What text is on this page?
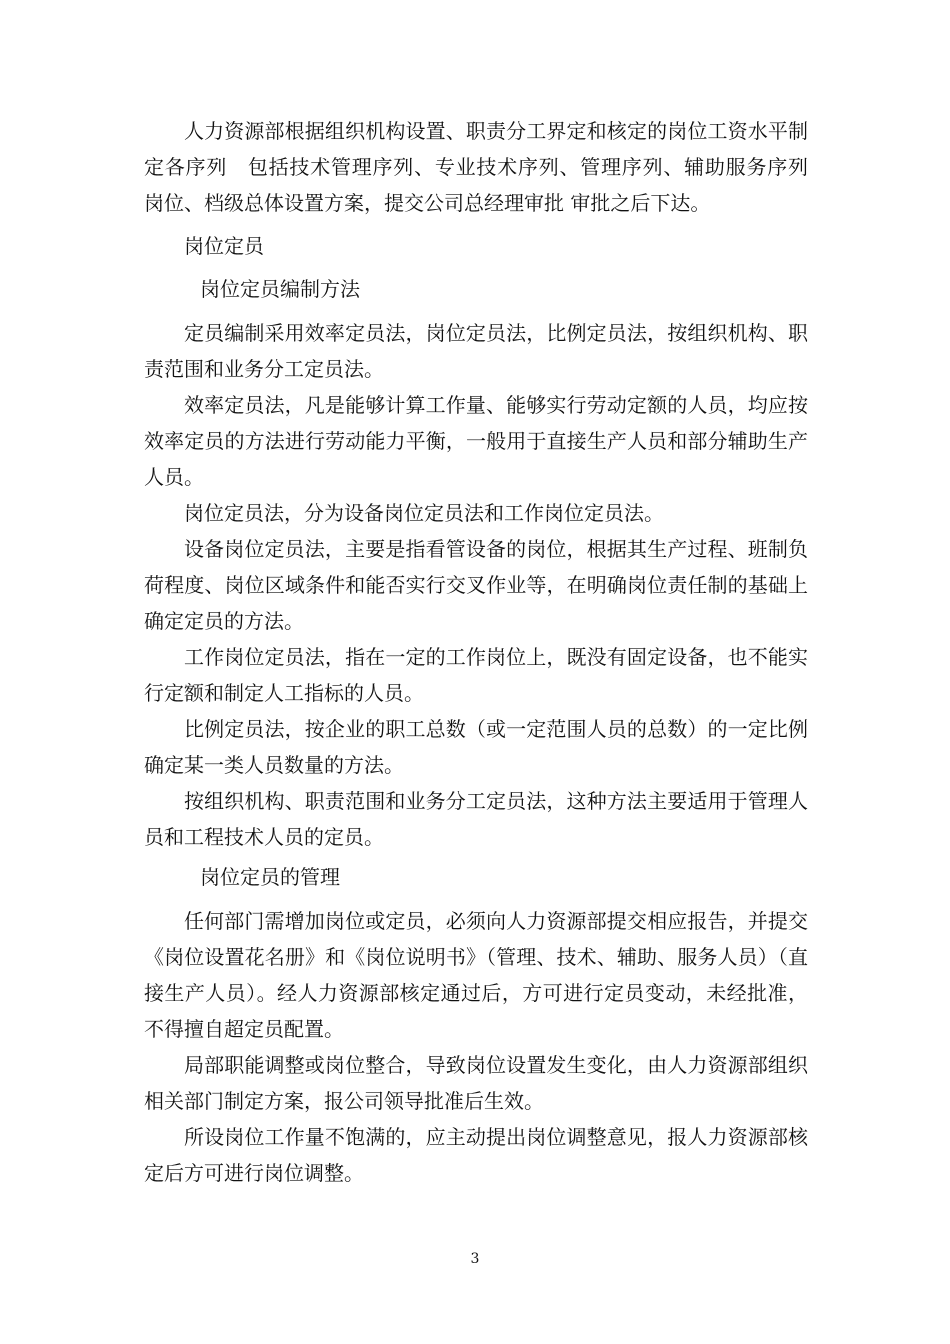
人力资源部根据组织机构设置、职责分工界定和核定的岗位工资水平制定各序列　包括技术管理序列、专业技术序列、管理序列、辅助服务序列 岗位、档级总体设置方案，提交公司总经理审批 审批之后下达。

岗位定员

岗位定员编制方法

定员编制采用效率定员法，岗位定员法，比例定员法，按组织机构、职责范围和业务分工定员法。

效率定员法，凡是能够计算工作量、能够实行劳动定额的人员，均应按效率定员的方法进行劳动能力平衡，一般用于直接生产人员和部分辅助生产人员。

岗位定员法，分为设备岗位定员法和工作岗位定员法。

设备岗位定员法，主要是指看管设备的岗位，根据其生产过程、班制负荷程度、岗位区域条件和能否实行交叉作业等，在明确岗位责任制的基础上确定定员的方法。

工作岗位定员法，指在一定的工作岗位上，既没有固定设备，也不能实行定额和制定人工指标的人员。

比例定员法，按企业的职工总数（或一定范围人员的总数）的一定比例确定某一类人员数量的方法。

按组织机构、职责范围和业务分工定员法，这种方法主要适用于管理人员和工程技术人员的定员。

岗位定员的管理

任何部门需增加岗位或定员，必须向人力资源部提交相应报告，并提交《岗位设置花名册》和《岗位说明书》（管理、技术、辅助、服务人员）（直接生产人员）。经人力资源部核定通过后，方可进行定员变动，未经批准，不得擅自超定员配置。

局部职能调整或岗位整合，导致岗位设置发生变化，由人力资源部组织相关部门制定方案，报公司领导批准后生效。

所设岗位工作量不饱满的，应主动提出岗位调整意见，报人力资源部核定后方可进行岗位调整。

3
